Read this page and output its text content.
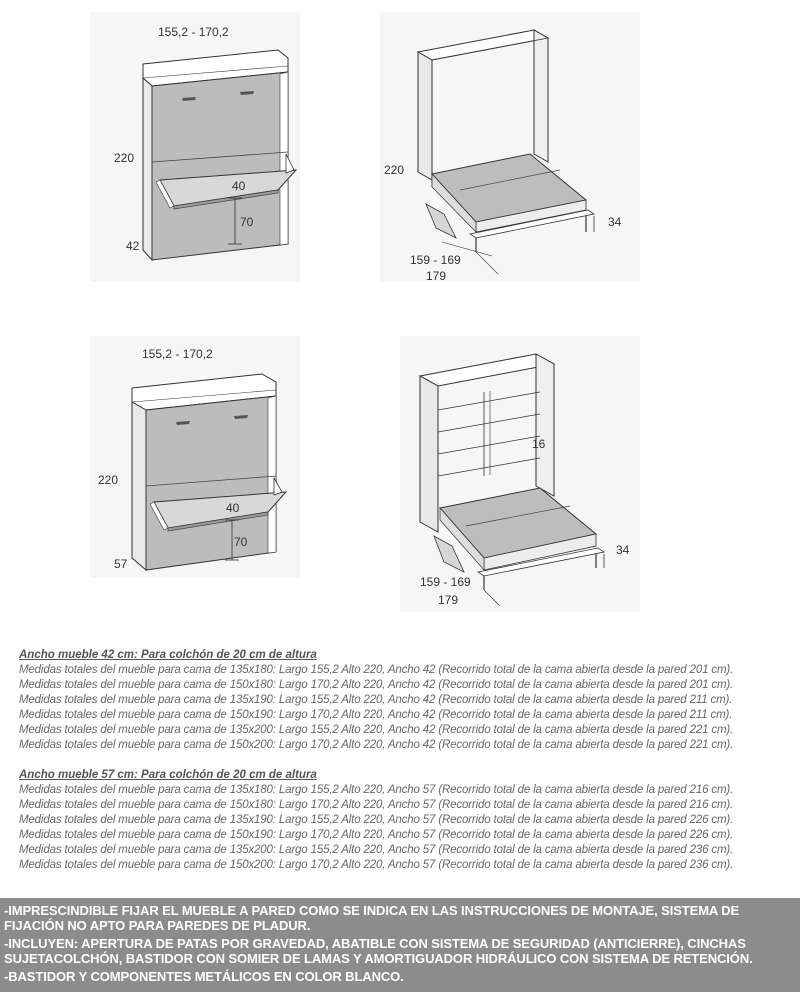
155,2 - 170,2
220
40
70
42
220
34
159 - 169
179
155,2 - 170,2
220
40
70
57
16
34
159 - 169
179

Ancho mueble 42 cm: Para colchón de 20 cm de altura

Medidas totales del mueble para cama de 135x180: Largo 155,2 Alto 220, Ancho 42 (Recorrido total de la cama abierta desde la pared 201 cm).

Medidas totales del mueble para cama de 150x180: Largo 170,2 Alto 220, Ancho 42 (Recorrido total de la cama abierta desde la pared 201 cm).

Medidas totales del mueble para cama de 135x190: Largo 155,2 Alto 220, Ancho 42 (Recorrido total de la cama abierta desde la pared 211 cm).

Medidas totales del mueble para cama de 150x190: Largo 170,2 Alto 220, Ancho 42 (Recorrido total de la cama abierta desde la pared 211 cm).

Medidas totales del mueble para cama de 135x200: Largo 155,2 Alto 220, Ancho 42 (Recorrido total de la cama abierta desde la pared 221 cm).

Medidas totales del mueble para cama de 150x200: Largo 170,2 Alto 220, Ancho 42 (Recorrido total de la cama abierta desde la pared 221 cm).

Ancho mueble 57 cm: Para colchón de 20 cm de altura

Medidas totales del mueble para cama de 135x180: Largo 155,2 Alto 220, Ancho 57 (Recorrido total de la cama abierta desde la pared 216 cm).

Medidas totales del mueble para cama de 150x180: Largo 170,2 Alto 220, Ancho 57 (Recorrido total de la cama abierta desde la pared 216 cm).

Medidas totales del mueble para cama de 135x190: Largo 155,2 Alto 220, Ancho 57 (Recorrido total de la cama abierta desde la pared 226 cm).

Medidas totales del mueble para cama de 150x190: Largo 170,2 Alto 220, Ancho 57 (Recorrido total de la cama abierta desde la pared 226 cm).

Medidas totales del mueble para cama de 135x200: Largo 155,2 Alto 220, Ancho 57 (Recorrido total de la cama abierta desde la pared 236 cm).

Medidas totales del mueble para cama de 150x200: Largo 170,2 Alto 220, Ancho 57 (Recorrido total de la cama abierta desde la pared 236 cm).

-IMPRESCINDIBLE FIJAR EL MUEBLE A PARED COMO SE INDICA EN LAS INSTRUCCIONES DE MONTAJE, SISTEMA DE FIJACIÓN NO APTO PARA PAREDES DE PLADUR.

-INCLUYEN: APERTURA DE PATAS POR GRAVEDAD, ABATIBLE CON SISTEMA DE SEGURIDAD (ANTICIERRE), CINCHAS SUJETACOLCHÓN, BASTIDOR CON SOMIER DE LAMAS Y AMORTIGUADOR HIDRÁULICO CON SISTEMA DE RETENCIÓN.

-BASTIDOR Y COMPONENTES METÁLICOS EN COLOR BLANCO.
